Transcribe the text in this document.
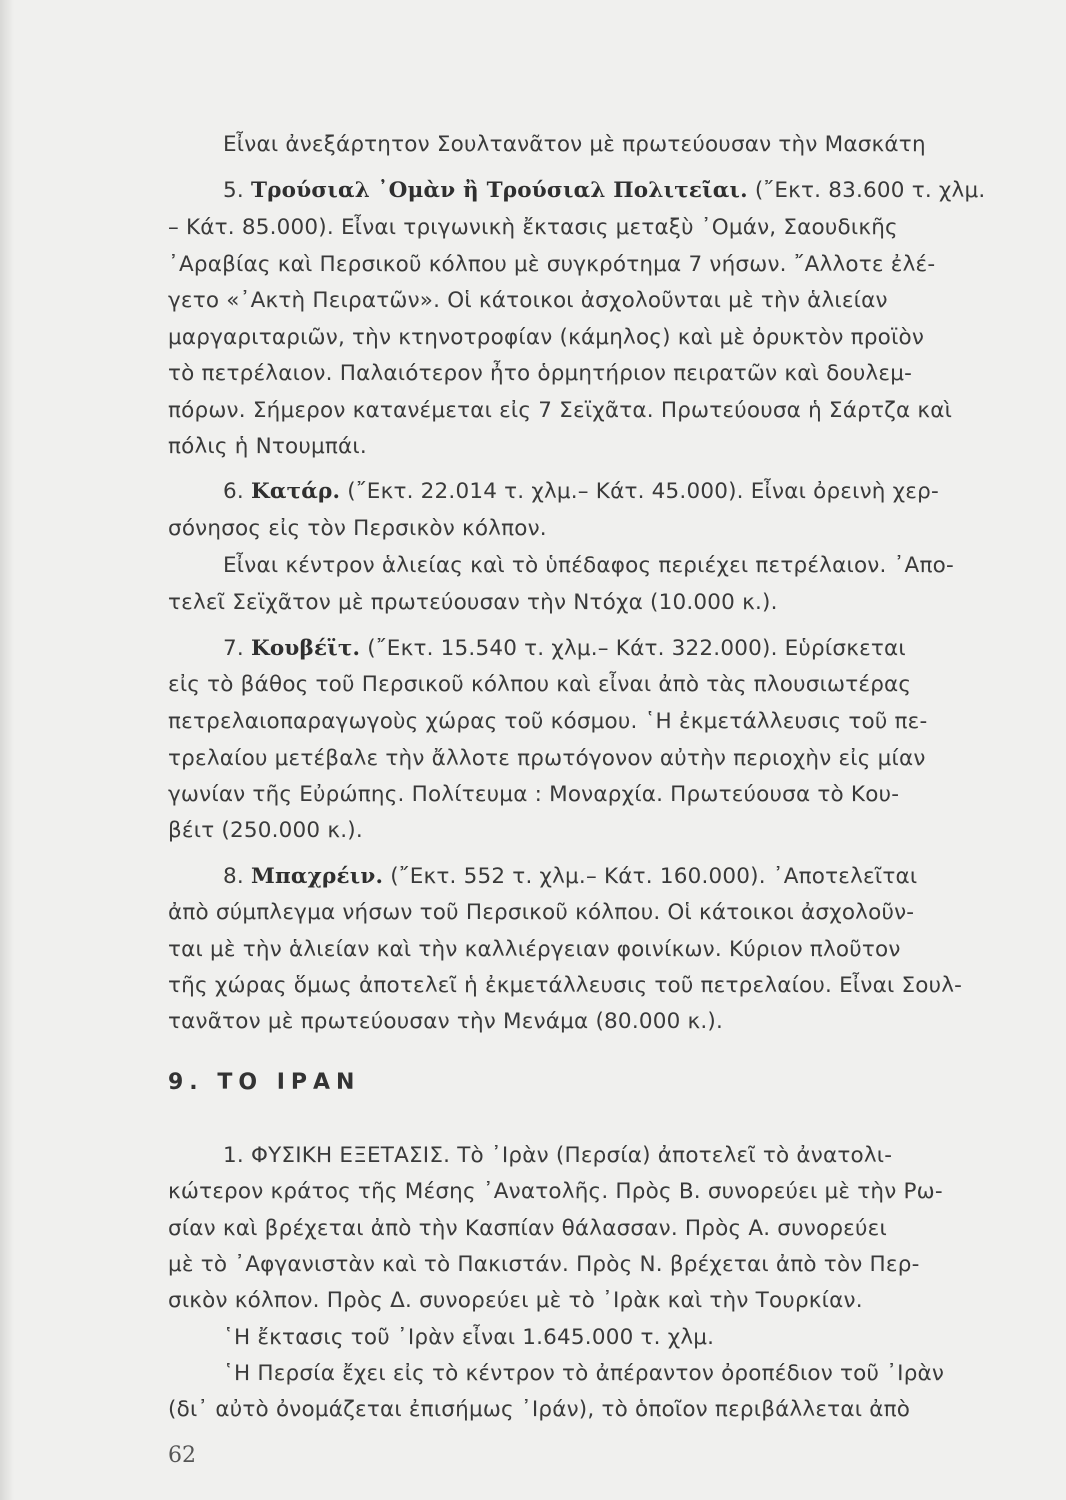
Εἶναι ἀνεξάρτητον Σουλτανᾶτον μὲ πρωτεύουσαν τὴν Μασκάτη
5. Τρούσιαλ ᾿Ομὰν ἢ Τρούσιαλ Πολιτεῖαι. (῎Εκτ. 83.600 τ. χλμ.
– Κάτ. 85.000). Εἶναι τριγωνικὴ ἔκτασις μεταξὺ ᾿Ομάν, Σαουδικῆς
᾿Αραβίας καὶ Περσικοῦ κόλπου μὲ συγκρότημα 7 νήσων. ῎Αλλοτε ἐλέ-
γετο «᾿Ακτὴ Πειρατῶν». Οἱ κάτοικοι ἀσχολοῦνται μὲ τὴν ἁλιείαν
μαργαριταριῶν, τὴν κτηνοτροφίαν (κάμηλος) καὶ μὲ ὀρυκτὸν προϊὸν
τὸ πετρέλαιον. Παλαιότερον ἦτο ὁρμητήριον πειρατῶν καὶ δουλεμ-
πόρων. Σήμερον κατανέμεται εἰς 7 Σεϊχᾶτα. Πρωτεύουσα ἡ Σάρτζα καὶ
πόλις ἡ Ντουμπάι.
6. Κατάρ. (῎Εκτ. 22.014 τ. χλμ.– Κάτ. 45.000). Εἶναι ὀρεινὴ χερ-
σόνησος εἰς τὸν Περσικὸν κόλπον.
Εἶναι κέντρον ἁλιείας καὶ τὸ ὑπέδαφος περιέχει πετρέλαιον. ᾿Απο-
τελεῖ Σεϊχᾶτον μὲ πρωτεύουσαν τὴν Ντόχα (10.000 κ.).
7. Κουβέϊτ. (῎Εκτ. 15.540 τ. χλμ.– Κάτ. 322.000). Εὑρίσκεται
εἰς τὸ βάθος τοῦ Περσικοῦ κόλπου καὶ εἶναι ἀπὸ τὰς πλουσιωτέρας
πετρελαιοπαραγωγοὺς χώρας τοῦ κόσμου. ῾Η ἐκμετάλλευσις τοῦ πε-
τρελαίου μετέβαλε τὴν ἄλλοτε πρωτόγονον αὐτὴν περιοχὴν εἰς μίαν
γωνίαν τῆς Εὐρώπης. Πολίτευμα : Μοναρχία. Πρωτεύουσα τὸ Κου-
βέιτ (250.000 κ.).
8. Μπαχρέιν. (῎Εκτ. 552 τ. χλμ.– Κάτ. 160.000). ᾿Αποτελεῖται
ἀπὸ σύμπλεγμα νήσων τοῦ Περσικοῦ κόλπου. Οἱ κάτοικοι ἀσχολοῦν-
ται μὲ τὴν ἁλιείαν καὶ τὴν καλλιέργειαν φοινίκων. Κύριον πλοῦτον
τῆς χώρας ὅμως ἀποτελεῖ ἡ ἐκμετάλλευσις τοῦ πετρελαίου. Εἶναι Σουλ-
τανᾶτον μὲ πρωτεύουσαν τὴν Μενάμα (80.000 κ.).
9. ΤΟ ΙΡΑΝ
1. ΦΥΣΙΚΗ ΕΞΕΤΑΣΙΣ. Τὸ ᾿Ιρὰν (Περσία) ἀποτελεῖ τὸ ἀνατολι-
κώτερον κράτος τῆς Μέσης ᾿Ανατολῆς. Πρὸς Β. συνορεύει μὲ τὴν Ρω-
σίαν καὶ βρέχεται ἀπὸ τὴν Κασπίαν θάλασσαν. Πρὸς Α. συνορεύει
μὲ τὸ ᾿Αφγανιστὰν καὶ τὸ Πακιστάν. Πρὸς Ν. βρέχεται ἀπὸ τὸν Περ-
σικὸν κόλπον. Πρὸς Δ. συνορεύει μὲ τὸ ᾿Ιρὰκ καὶ τὴν Τουρκίαν.
῾Η ἔκτασις τοῦ ᾿Ιρὰν εἶναι 1.645.000 τ. χλμ.
῾Η Περσία ἔχει εἰς τὸ κέντρον τὸ ἀπέραντον ὀροπέδιον τοῦ ᾿Ιρὰν
(δι᾿ αὐτὸ ὀνομάζεται ἐπισήμως ᾿Ιράν), τὸ ὁποῖον περιβάλλεται ἀπὸ
62
